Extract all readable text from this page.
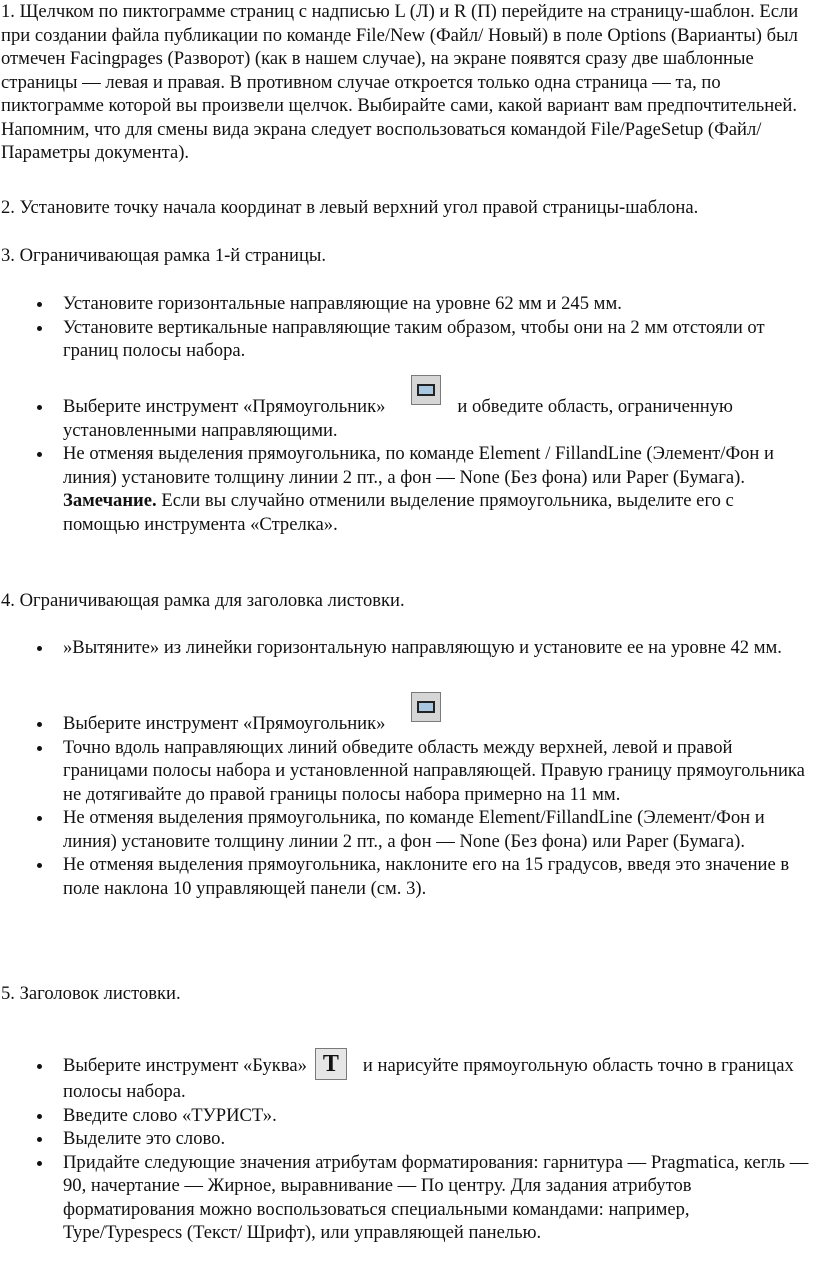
1. Щелчком по пиктограмме страниц с надписью L (Л) и R (П) перейдите на страницу-шаблон. Если при создании файла публикации по команде File/New (Файл/ Новый) в поле Options (Варианты) был отмечен Facingpages (Разворот) (как в нашем случае), на экране появятся сразу две шаблонные страницы — левая и правая. В противном случае откроется только одна страница — та, по пиктограмме которой вы произвели щелчок. Выбирайте сами, какой вариант вам предпочтительней. Напомним, что для смены вида экрана следует воспользоваться командой File/PageSetup (Файл/Параметры документа).

2. Установите точку начала координат в левый верхний угол правой страницы-шаблона.

3. Ограничивающая рамка 1-й страницы.

Установите горизонтальные направляющие на уровне 62 мм и 245 мм.
Установите вертикальные направляющие таким образом, чтобы они на 2 мм отстояли от границ полосы набора.
Выберите инструмент «Прямоугольник»	и обведите область, ограниченную установленными направляющими.
Не отменяя выделения прямоугольника, по команде Element / FillandLine (Элемент/Фон и линия) установите толщину линии 2 пт., а фон — None (Без фона) или Paper (Бумага).
Замечание. Если вы случайно отменили выделение прямоугольника, выделите его с помощью инструмента «Стрелка».

4. Ограничивающая рамка для заголовка листовки.

»Вытяните» из линейки горизонтальную направляющую и установите ее на уровне 42 мм.
Выберите инструмент «Прямоугольник»
Точно вдоль направляющих линий обведите область между верхней, левой и правой границами полосы набора и установленной направляющей. Правую границу прямоугольника не дотягивайте до правой границы полосы набора примерно на 11 мм.
Не отменяя выделения прямоугольника, по команде Element/FillandLine (Элемент/Фон и линия) установите толщину линии 2 пт., а фон — None (Без фона) или Paper (Бумага).
Не отменяя выделения прямоугольника, наклоните его на 15 градусов, введя это значение в поле наклона 10 управляющей панели (см. 3).

5. Заголовок листовки.

Выберите инструмент «Буква» T и нарисуйте прямоугольную область точно в границах полосы набора.
Введите слово «ТУРИСТ».
Выделите это слово.
Придайте следующие значения атрибутам форматирования: гарнитура — Pragmatica, кегль — 90, начертание — Жирное, выравнивание — По центру. Для задания атрибутов форматирования можно воспользоваться специальными командами: например, Type/Typespecs (Текст/ Шрифт), или управляющей панелью.
